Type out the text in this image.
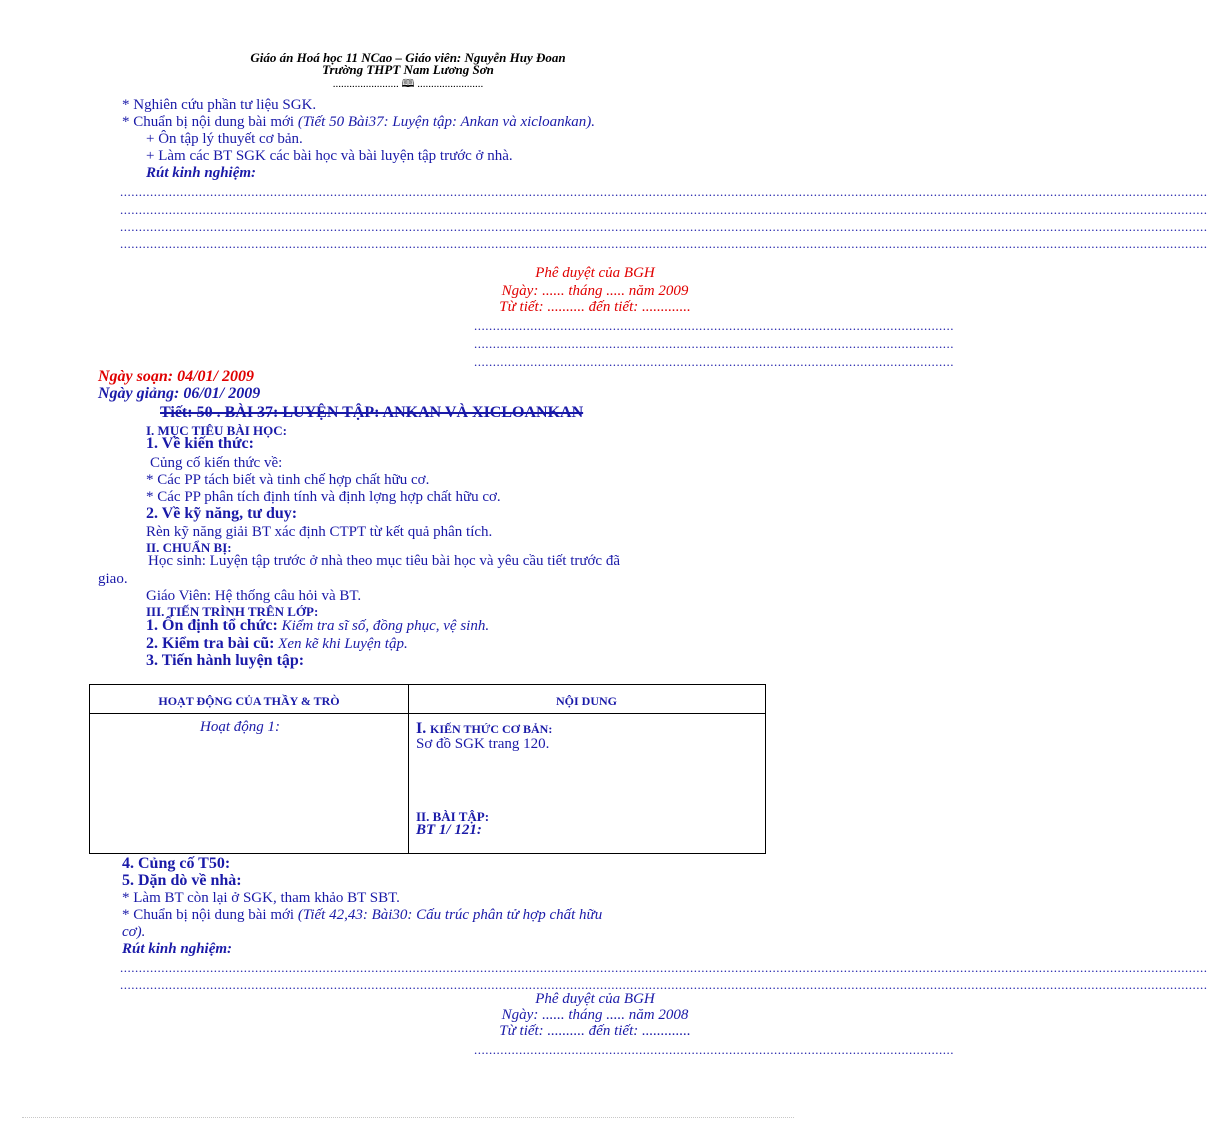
Giáo án Hoá học 11 NCao – Giáo viên: Nguyễn Huy Đoan
Trường THPT Nam Lương Sơn
........................ 🕮 ........................
* Nghiên cứu phần tư liệu SGK.
* Chuẩn bị nội dung bài mới (Tiết 50 Bài37: Luyện tập: Ankan và xicloankan).
+ Ôn tập lý thuyết cơ bản.
+ Làm các BT SGK các bài học và bài luyện tập trước ở nhà.
Rút kinh nghiệm:
..................................................................................................................................................................................................................................................................................................
..................................................................................................................................................................................................................................................................................................
..................................................................................................................................................................................................................................................................................................
..................................................................................................................................................................................................................................................................................................
Phê duyệt của BGH
Ngày: ...... tháng ..... năm 2009
Từ tiết: .......... đến tiết: .............
................................................................................................................................
................................................................................................................................
................................................................................................................................
Ngày soạn: 04/01/ 2009
Ngày giảng: 06/01/ 2009
Tiết: 50 . BÀI 37: LUYỆN TẬP: ANKAN VÀ XICLOANKAN
I. MỤC TIÊU BÀI HỌC:
1. Về kiến thức:
Củng cố kiến thức về:
* Các PP tách biết và tinh chế hợp chất hữu cơ.
* Các PP phân tích định tính và định lợng hợp chất hữu cơ.
2. Về kỹ năng, tư duy:
Rèn kỹ năng giải BT xác định CTPT từ kết quả phân tích.
II. CHUẨN BỊ:
Học sinh: Luyện tập trước ở nhà theo mục tiêu bài học và yêu cầu tiết trước đã
giao.
Giáo Viên: Hệ thống câu hỏi và BT.
III. TIẾN TRÌNH TRÊN LỚP:
1. Ổn định tổ chức: Kiểm tra sĩ số, đồng phục, vệ sinh.
2. Kiểm tra bài cũ: Xen kẽ khi Luyện tập.
3. Tiến hành luyện tập:
HOẠT ĐỘNG CỦA THẦY & TRÒ	NỘI DUNG
Hoạt động 1:	I. KIẾN THỨC CƠ BẢN:
Sơ đồ SGK trang 120.
II. BÀI TẬP:
BT 1/ 121:
4. Củng cố T50:
5. Dặn dò về nhà:
* Làm BT còn lại ở SGK, tham khảo BT SBT.
* Chuẩn bị nội dung bài mới (Tiết 42,43: Bài30: Cấu trúc phân tử hợp chất hữu
cơ).
Rút kinh nghiệm:
..................................................................................................................................................................................................................................................................................................
..................................................................................................................................................................................................................................................................................................
Phê duyệt của BGH
Ngày: ...... tháng ..... năm 2008
Từ tiết: .......... đến tiết: .............
................................................................................................................................
